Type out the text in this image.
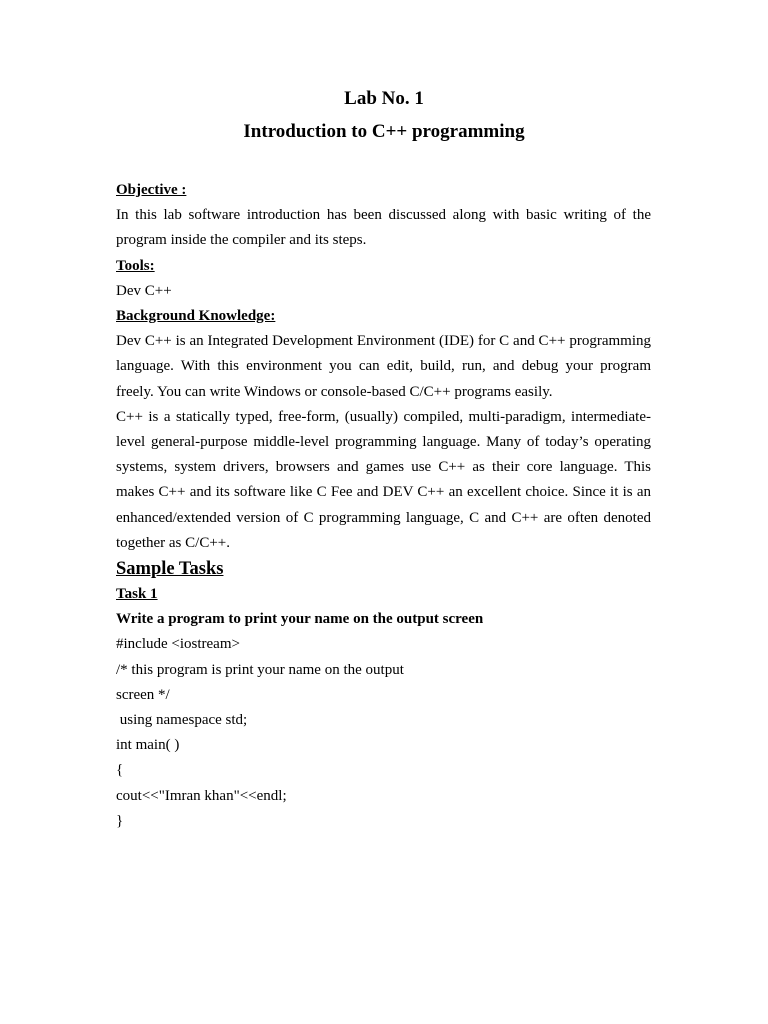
Lab No. 1
Introduction to C++ programming

Objective :

In this lab software introduction has been discussed along with basic writing of the program inside the compiler and its steps.

Tools:

Dev C++

Background Knowledge:

Dev C++ is an Integrated Development Environment (IDE) for C and C++ programming language. With this environment you can edit, build, run, and debug your program freely. You can write Windows or console-based C/C++ programs easily.

C++ is a statically typed, free-form, (usually) compiled, multi-paradigm, intermediate-level general-purpose middle-level programming language. Many of today’s operating systems, system drivers, browsers and games use C++ as their core language. This makes C++ and its software like C Fee and DEV C++ an excellent choice. Since it is an enhanced/extended version of C programming language, C and C++ are often denoted together as C/C++.

Sample Tasks

Task 1

Write a program to print your name on the output screen

#include <iostream>

/* this program is print your name on the output

screen */

using namespace std;

int main( )

{

cout<<"Imran khan"<<endl;

}
